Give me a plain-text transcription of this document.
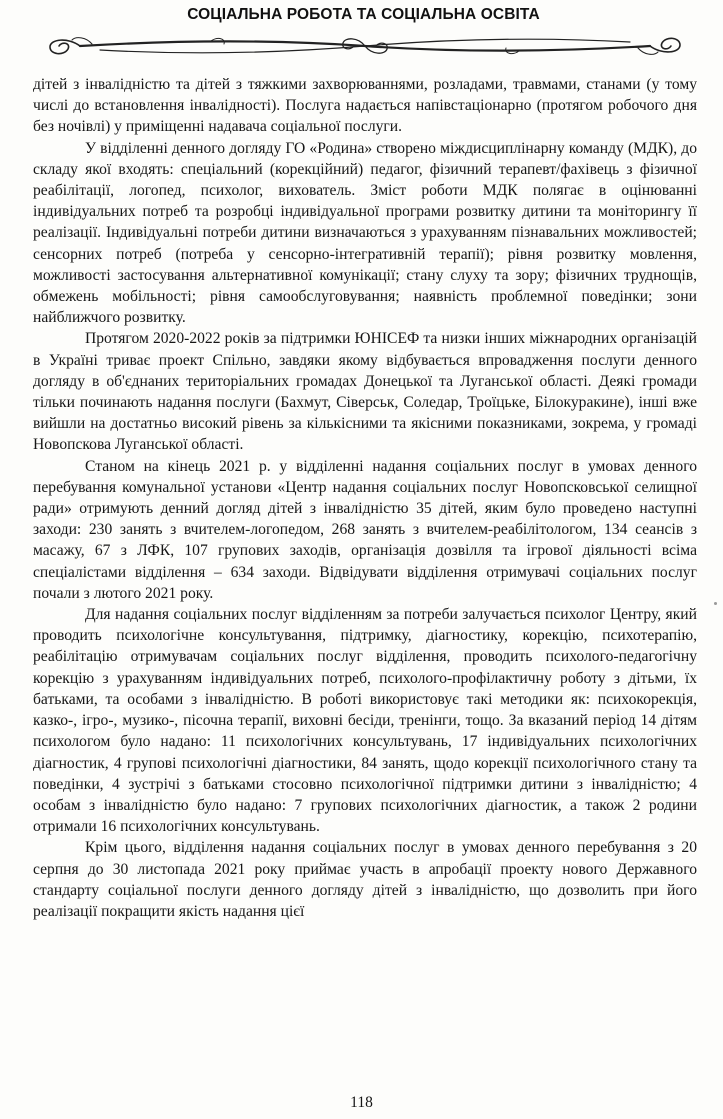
СОЦІАЛЬНА РОБОТА ТА СОЦІАЛЬНА ОСВІТА

дітей з інвалідністю та дітей з тяжкими захворюваннями, розладами, травмами, станами (у тому числі до встановлення інвалідності). Послуга надається напівстаціонарно (протягом робочого дня без ночівлі) у приміщенні надавача соціальної послуги.

У відділенні денного догляду ГО «Родина» створено міждисциплінарну команду (МДК), до складу якої входять: спеціальний (корекційний) педагог, фізичний терапевт/фахівець з фізичної реабілітації, логопед, психолог, вихователь. Зміст роботи МДК полягає в оцінюванні індивідуальних потреб та розробці індивідуальної програми розвитку дитини та моніторингу її реалізації. Індивідуальні потреби дитини визначаються з урахуванням пізнавальних можливостей; сенсорних потреб (потреба у сенсорно-інтегративній терапії); рівня розвитку мовлення, можливості застосування альтернативної комунікації; стану слуху та зору; фізичних труднощів, обмежень мобільності; рівня самообслуговування; наявність проблемної поведінки; зони найближчого розвитку.

Протягом 2020-2022 років за підтримки ЮНІСЕФ та низки інших міжнародних організацій в Україні триває проект Спільно, завдяки якому відбувається впровадження послуги денного догляду в об'єднаних територіальних громадах Донецької та Луганської області. Деякі громади тільки починають надання послуги (Бахмут, Сіверськ, Соледар, Троїцьке, Білокуракине), інші вже вийшли на достатньо високий рівень за кількісними та якісними показниками, зокрема, у громаді Новопскова Луганської області.

Станом на кінець 2021 р. у відділенні надання соціальних послуг в умовах денного перебування комунальної установи «Центр надання соціальних послуг Новопсковської селищної ради» отримують денний догляд дітей з інвалідністю 35 дітей, яким було проведено наступні заходи: 230 занять з вчителем-логопедом, 268 занять з вчителем-реабілітологом, 134 сеансів з масажу, 67 з ЛФК, 107 групових заходів, організація дозвілля та ігрової діяльності всіма спеціалістами відділення – 634 заходи. Відвідувати відділення отримувачі соціальних послуг почали з лютого 2021 року.

Для надання соціальних послуг відділенням за потреби залучається психолог Центру, який проводить психологічне консультування, підтримку, діагностику, корекцію, психотерапію, реабілітацію отримувачам соціальних послуг відділення, проводить психолого-педагогічну корекцію з урахуванням індивідуальних потреб, психолого-профілактичну роботу з дітьми, їх батьками, та особами з інвалідністю. В роботі використовує такі методики як: психокорекція, казко-, ігро-, музико-, пісочна терапії, виховні бесіди, тренінги, тощо. За вказаний період 14 дітям психологом було надано: 11 психологічних консультувань, 17 індивідуальних психологічних діагностик, 4 групові психологічні діагностики, 84 занять, щодо корекції психологічного стану та поведінки, 4 зустрічі з батьками стосовно психологічної підтримки дитини з інвалідністю; 4 особам з інвалідністю було надано: 7 групових психологічних діагностик, а також 2 родини отримали 16 психологічних консультувань.

Крім цього, відділення надання соціальних послуг в умовах денного перебування з 20 серпня до 30 листопада 2021 року приймає участь в апробації проекту нового Державного стандарту соціальної послуги денного догляду дітей з інвалідністю, що дозволить при його реалізації покращити якість надання цієї

118
